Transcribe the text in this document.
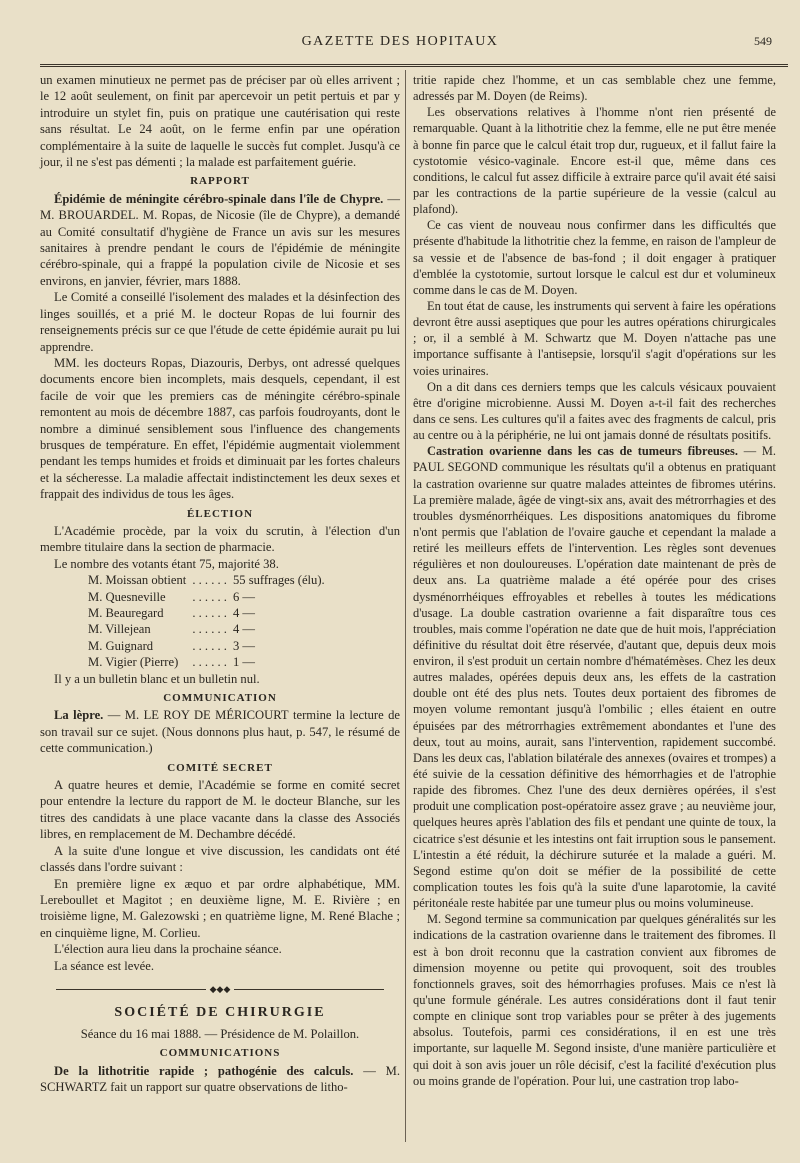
GAZETTE DES HOPITAUX	549

un examen minutieux ne permet pas de préciser par où elles arrivent ; le 12 août seulement, on finit par apercevoir un petit pertuis et par y introduire un stylet fin, puis on pratique une cautérisation qui reste sans résultat. Le 24 août, on le ferme enfin par une opération complémentaire à la suite de laquelle le succès fut complet. Jusqu'à ce jour, il ne s'est pas démenti ; la malade est parfaitement guérie.

RAPPORT

Épidémie de méningite cérébro-spinale dans l'île de Chypre. — M. BROUARDEL. M. Ropas, de Nicosie (île de Chypre), a demandé au Comité consultatif d'hygiène de France un avis sur les mesures sanitaires à prendre pendant le cours de l'épidémie de méningite cérébro-spinale, qui a frappé la population civile de Nicosie et ses environs, en janvier, février, mars 1888.

Le Comité a conseillé l'isolement des malades et la désinfection des linges souillés, et a prié M. le docteur Ropas de lui fournir des renseignements précis sur ce que l'étude de cette épidémie aurait pu lui apprendre.

MM. les docteurs Ropas, Diazouris, Derbys, ont adressé quelques documents encore bien incomplets, mais desquels, cependant, il est facile de voir que les premiers cas de méningite cérébro-spinale remontent au mois de décembre 1887, cas parfois foudroyants, dont le nombre a diminué sensiblement sous l'influence des changements brusques de température. En effet, l'épidémie augmentait violemment pendant les temps humides et froids et diminuait par les fortes chaleurs et la sécheresse. La maladie affectait indistinctement les deux sexes et frappait des individus de tous les âges.

ÉLECTION

L'Académie procède, par la voix du scrutin, à l'élection d'un membre titulaire dans la section de pharmacie.

Le nombre des votants étant 75, majorité 38.

M. Moissan obtient	. . . . . .	55 suffrages (élu).
M. Quesneville	. . . . . .	6 —
M. Beauregard	. . . . . .	4 —
M. Villejean	. . . . . .	4 —
M. Guignard	. . . . . .	3 —
M. Vigier (Pierre)	. . . . . .	1 —

Il y a un bulletin blanc et un bulletin nul.

COMMUNICATION

La lèpre. — M. LE ROY DE MÉRICOURT termine la lecture de son travail sur ce sujet. (Nous donnons plus haut, p. 547, le résumé de cette communication.)

COMITÉ SECRET

A quatre heures et demie, l'Académie se forme en comité secret pour entendre la lecture du rapport de M. le docteur Blanche, sur les titres des candidats à une place vacante dans la classe des Associés libres, en remplacement de M. Dechambre décédé.

A la suite d'une longue et vive discussion, les candidats ont été classés dans l'ordre suivant :

En première ligne ex æquo et par ordre alphabétique, MM. Lereboullet et Magitot ; en deuxième ligne, M. E. Rivière ; en troisième ligne, M. Galezowski ; en quatrième ligne, M. René Blache ; en cinquième ligne, M. Corlieu.

L'élection aura lieu dans la prochaine séance.

La séance est levée.

◆◆◆
SOCIÉTÉ DE CHIRURGIE

Séance du 16 mai 1888. — Présidence de M. Polaillon.

COMMUNICATIONS

De la lithotritie rapide ; pathogénie des calculs. — M. SCHWARTZ fait un rapport sur quatre observations de litho-

tritie rapide chez l'homme, et un cas semblable chez une femme, adressés par M. Doyen (de Reims).

Les observations relatives à l'homme n'ont rien présenté de remarquable. Quant à la lithotritie chez la femme, elle ne put être menée à bonne fin parce que le calcul était trop dur, rugueux, et il fallut faire la cystotomie vésico-vaginale. Encore est-il que, même dans ces conditions, le calcul fut assez difficile à extraire parce qu'il avait été saisi par les contractions de la partie supérieure de la vessie (calcul au plafond).

Ce cas vient de nouveau nous confirmer dans les difficultés que présente d'habitude la lithotritie chez la femme, en raison de l'ampleur de sa vessie et de l'absence de bas-fond ; il doit engager à pratiquer d'emblée la cystotomie, surtout lorsque le calcul est dur et volumineux comme dans le cas de M. Doyen.

En tout état de cause, les instruments qui servent à faire les opérations devront être aussi aseptiques que pour les autres opérations chirurgicales ; or, il a semblé à M. Schwartz que M. Doyen n'attache pas une importance suffisante à l'antisepsie, lorsqu'il s'agit d'opérations sur les voies urinaires.

On a dit dans ces derniers temps que les calculs vésicaux pouvaient être d'origine microbienne. Aussi M. Doyen a-t-il fait des recherches dans ce sens. Les cultures qu'il a faites avec des fragments de calcul, pris au centre ou à la périphérie, ne lui ont jamais donné de résultats positifs.

Castration ovarienne dans les cas de tumeurs fibreuses. — M. PAUL SEGOND communique les résultats qu'il a obtenus en pratiquant la castration ovarienne sur quatre malades atteintes de fibromes utérins. La première malade, âgée de vingt-six ans, avait des métrorrhagies et des troubles dysménorrhéiques. Les dispositions anatomiques du fibrome n'ont permis que l'ablation de l'ovaire gauche et cependant la malade a retiré les meilleurs effets de l'intervention. Les règles sont devenues régulières et non douloureuses. L'opération date maintenant de près de deux ans. La quatrième malade a été opérée pour des crises dysménorrhéiques effroyables et rebelles à toutes les médications d'usage. La double castration ovarienne a fait disparaître tous ces troubles, mais comme l'opération ne date que de huit mois, l'appréciation définitive du résultat doit être réservée, d'autant que, depuis deux mois environ, il s'est produit un certain nombre d'hématémèses. Chez les deux autres malades, opérées depuis deux ans, les effets de la castration double ont été des plus nets. Toutes deux portaient des fibromes de moyen volume remontant jusqu'à l'ombilic ; elles étaient en outre épuisées par des métrorrhagies extrêmement abondantes et l'une des deux, tout au moins, aurait, sans l'intervention, rapidement succombé. Dans les deux cas, l'ablation bilatérale des annexes (ovaires et trompes) a été suivie de la cessation définitive des hémorrhagies et de l'atrophie rapide des fibromes. Chez l'une des deux dernières opérées, il s'est produit une complication post-opératoire assez grave ; au neuvième jour, quelques heures après l'ablation des fils et pendant une quinte de toux, la cicatrice s'est désunie et les intestins ont fait irruption sous le pansement. L'intestin a été réduit, la déchirure suturée et la malade a guéri. M. Segond estime qu'on doit se méfier de la possibilité de cette complication toutes les fois qu'à la suite d'une laparotomie, la cavité péritonéale reste habitée par une tumeur plus ou moins volumineuse.

M. Segond termine sa communication par quelques généralités sur les indications de la castration ovarienne dans le traitement des fibromes. Il est à bon droit reconnu que la castration convient aux fibromes de dimension moyenne ou petite qui provoquent, soit des troubles fonctionnels graves, soit des hémorrhagies profuses. Mais ce n'est là qu'une formule générale. Les autres considérations dont il faut tenir compte en clinique sont trop variables pour se prêter à des jugements absolus. Toutefois, parmi ces considérations, il en est une très importante, sur laquelle M. Segond insiste, d'une manière particulière et qui doit à son avis jouer un rôle décisif, c'est la facilité d'exécution plus ou moins grande de l'opération. Pour lui, une castration trop labo-
